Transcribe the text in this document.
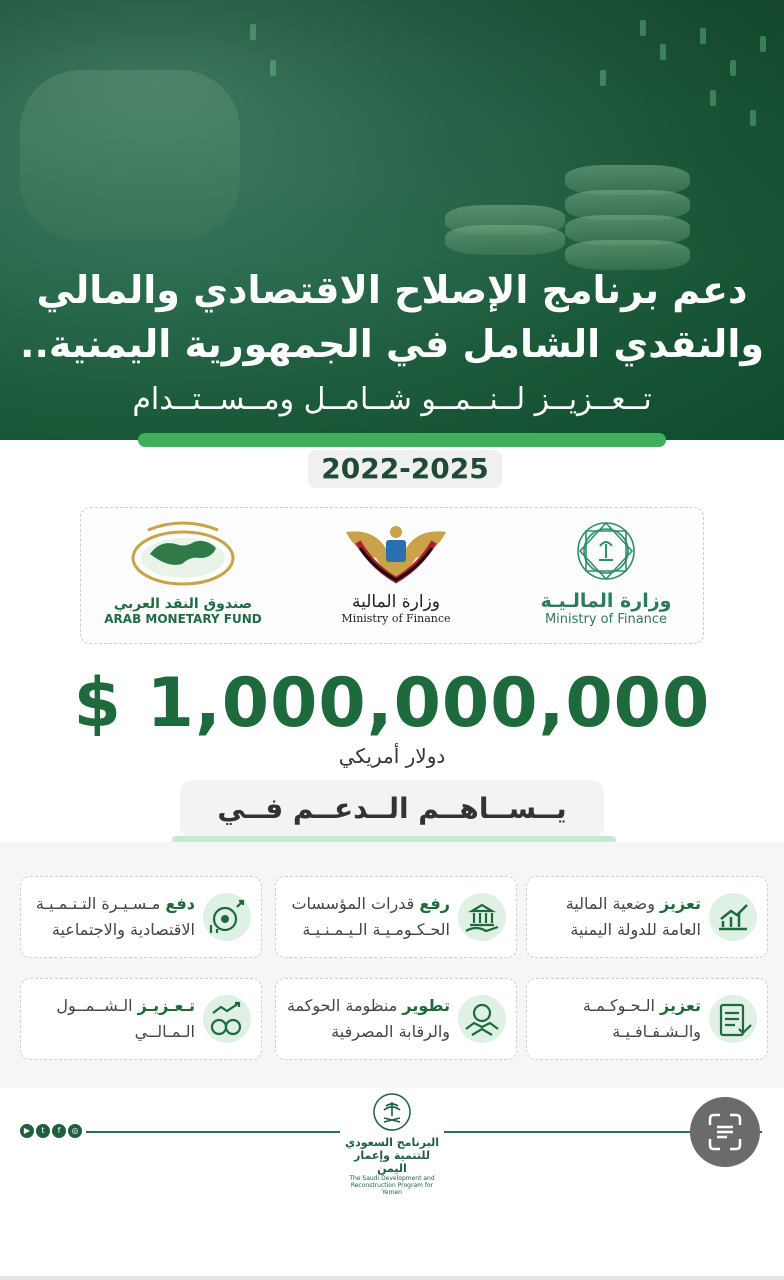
دعم برنامج الإصلاح الاقتصادي والمالي
والنقدي الشامل في الجمهورية اليمنية..
تــعــزيــز لــنــمــو شــامــل ومــســتــدام
2022-2025
صندوق النقد العربي
ARAB MONETARY FUND
وزارة المالية
Ministry of Finance
وزارة المالـيـة
Ministry of Finance
$ 1,000,000,000
دولار أمريكي
يــســاهــم الــدعــم فــي
تعزيز وضعية المالية العامة للدولة اليمنية
رفع قدرات المؤسسات الحـكـومـيـة الـيـمـنـيـة
دفع مـسـيـرة التـنـمـيـة الاقتصادية والاجتماعية
تعزيز الـحـوكـمـة والـشـفـافـيـة
تطوير منظومة الحوكمة والرقابة المصرفية
تـعـزيـز الـشــمــول الـمـالــي
▶	t	f	◎
البرنامج السعودي للتنمية وإعمار اليمن
The Saudi Development and Reconstruction Program for Yemen
